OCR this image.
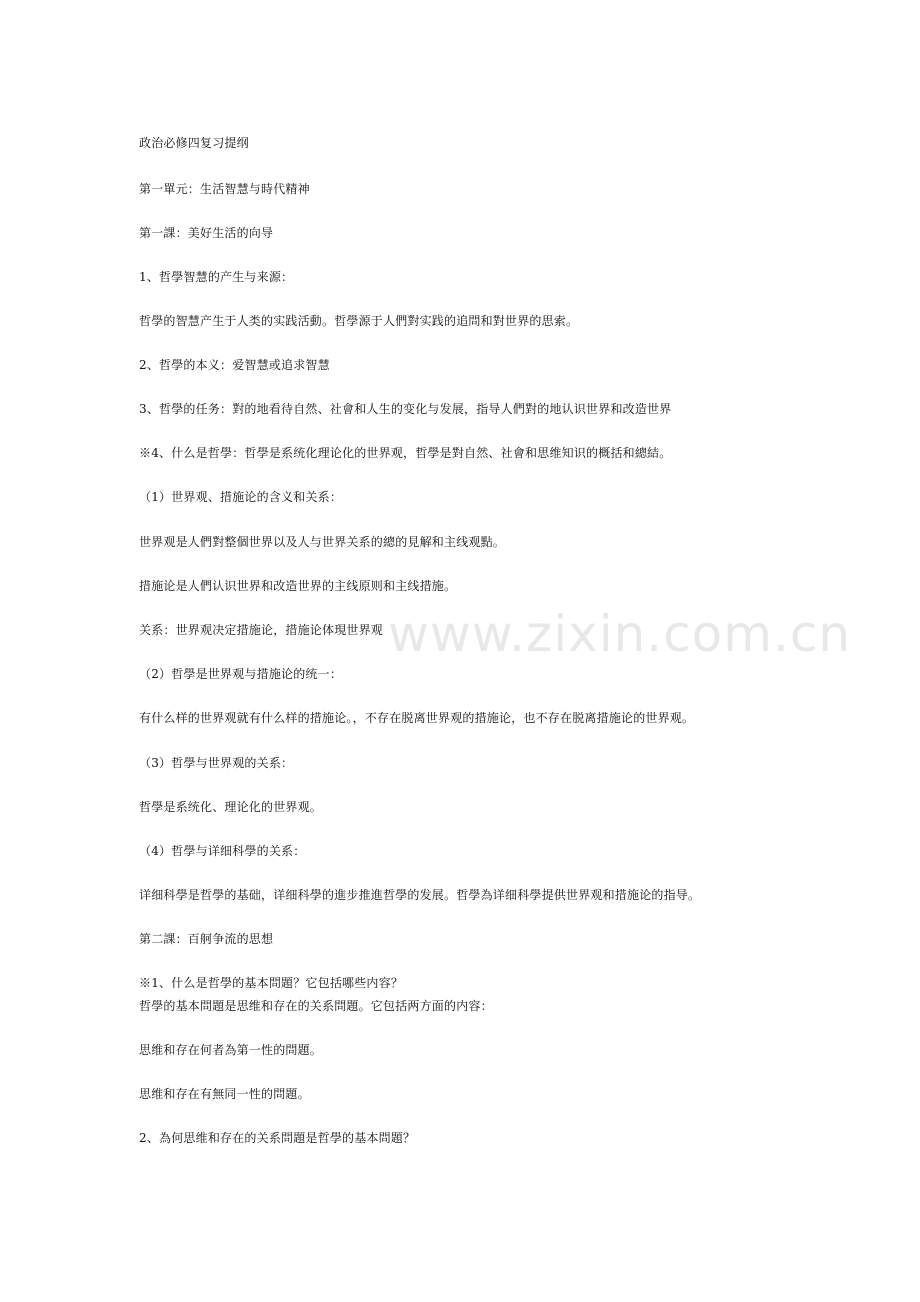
www.zixin.com.cn
政治必修四复习提纲
第一單元：生活智慧与時代精神
第一課：美好生活的向导
1、哲學智慧的产生与来源：
哲學的智慧产生于人类的实践活動。哲學源于人們對实践的追問和對世界的思索。
2、哲學的本义：爱智慧或追求智慧
3、哲學的任务：對的地看待自然、社會和人生的变化与发展，指导人們對的地认识世界和改造世界
※4、什么是哲學：哲學是系统化理论化的世界观，哲學是對自然、社會和思维知识的概括和總結。
（1）世界观、措施论的含义和关系：
世界观是人們對整個世界以及人与世界关系的總的見解和主线观點。
措施论是人們认识世界和改造世界的主线原则和主线措施。
关系：世界观决定措施论，措施论体現世界观
（2）哲學是世界观与措施论的统一：
有什么样的世界观就有什么样的措施论。，不存在脱离世界观的措施论，也不存在脱离措施论的世界观。
（3）哲學与世界观的关系：
哲學是系统化、理论化的世界观。
（4）哲學与详细科學的关系：
详细科學是哲學的基础，详细科學的進步推進哲學的发展。哲學為详细科學提供世界观和措施论的指导。
第二課：百舸争流的思想
※1、什么是哲學的基本問題？它包括哪些内容？
哲學的基本問題是思维和存在的关系問題。它包括两方面的内容：
思维和存在何者為第一性的問題。
思维和存在有無同一性的問題。
2、為何思维和存在的关系問題是哲學的基本問題？
